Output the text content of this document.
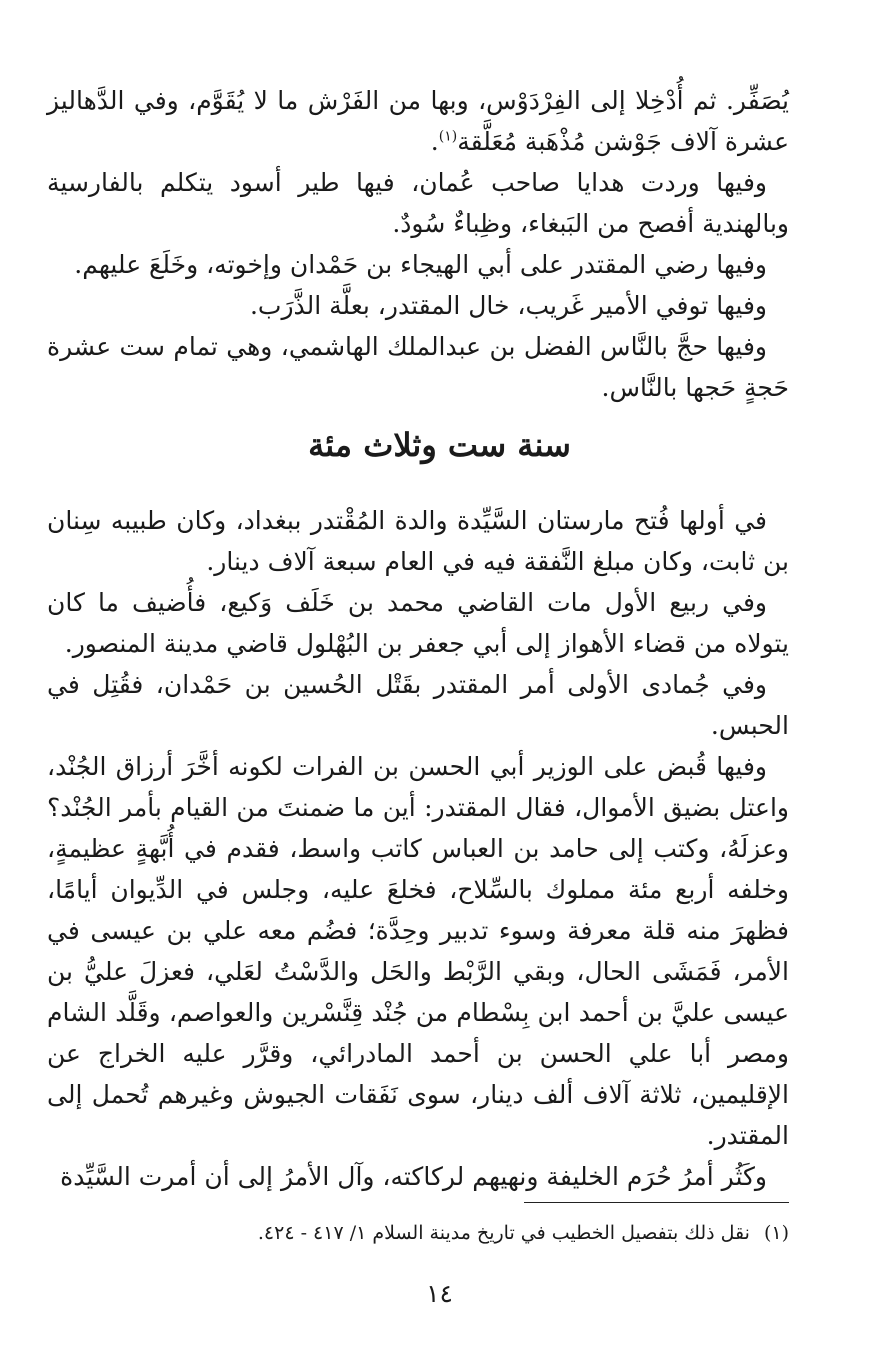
يُصَفِّر. ثم أُدْخِلا إلى الفِرْدَوْس، وبها من الفَرْش ما لا يُقَوَّم، وفي الدَّهاليز عشرة آلاف جَوْشن مُذْهَبة مُعَلَّقة$^{(١)}$.

وفيها وردت هدايا صاحب عُمان، فيها طير أسود يتكلم بالفارسية وبالهندية أفصح من البَبغاء، وظِباءٌ سُودٌ.

وفيها رضي المقتدر على أبي الهيجاء بن حَمْدان وإخوته، وخَلَعَ عليهم.

وفيها توفي الأمير غَريب، خال المقتدر، بعلَّة الذَّرَب.

وفيها حجَّ بالنَّاس الفضل بن عبدالملك الهاشمي، وهي تمام ست عشرة حَجةٍ حَجها بالنَّاس.

سنة ست وثلاث مئة

في أولها فُتح مارستان السَّيِّدة والدة المُقْتدر ببغداد، وكان طبيبه سِنان بن ثابت، وكان مبلغ النَّفقة فيه في العام سبعة آلاف دينار.

وفي ربيع الأول مات القاضي محمد بن خَلَف وَكيع، فأُضيف ما كان يتولاه من قضاء الأهواز إلى أبي جعفر بن البُهْلول قاضي مدينة المنصور.

وفي جُمادى الأولى أمر المقتدر بقَتْل الحُسين بن حَمْدان، فقُتِل في الحبس.

وفيها قُبض على الوزير أبي الحسن بن الفرات لكونه أخَّرَ أرزاق الجُنْد، واعتل بضيق الأموال، فقال المقتدر: أين ما ضمنتَ من القيام بأمر الجُنْد؟ وعزلَهُ، وكتب إلى حامد بن العباس كاتب واسط، فقدم في أُبَّهةٍ عظيمةٍ، وخلفه أربع مئة مملوك بالسِّلاح، فخلعَ عليه، وجلس في الدِّيوان أيامًا، فظهرَ منه قلة معرفة وسوء تدبير وحِدَّة؛ فضُم معه علي بن عيسى في الأمر، فَمَشَى الحال، وبقي الرَّبْط والحَل والدَّسْتُ لعَلي، فعزلَ عليُّ بن عيسى عليَّ بن أحمد ابن بِسْطام من جُنْد قِنَّسْرين والعواصم، وقَلَّد الشام ومصر أبا علي الحسن بن أحمد المادرائي، وقرَّر عليه الخراج عن الإقليمين، ثلاثة آلاف ألف دينار، سوى نَفَقات الجيوش وغيرهم تُحمل إلى المقتدر.

وكَثُر أمرُ حُرَم الخليفة ونهيهم لركاكته، وآل الأمرُ إلى أن أمرت السَّيِّدة

(١)نقل ذلك بتفصيل الخطيب في تاريخ مدينة السلام ١/ ٤١٧ - ٤٢٤.
١٤
